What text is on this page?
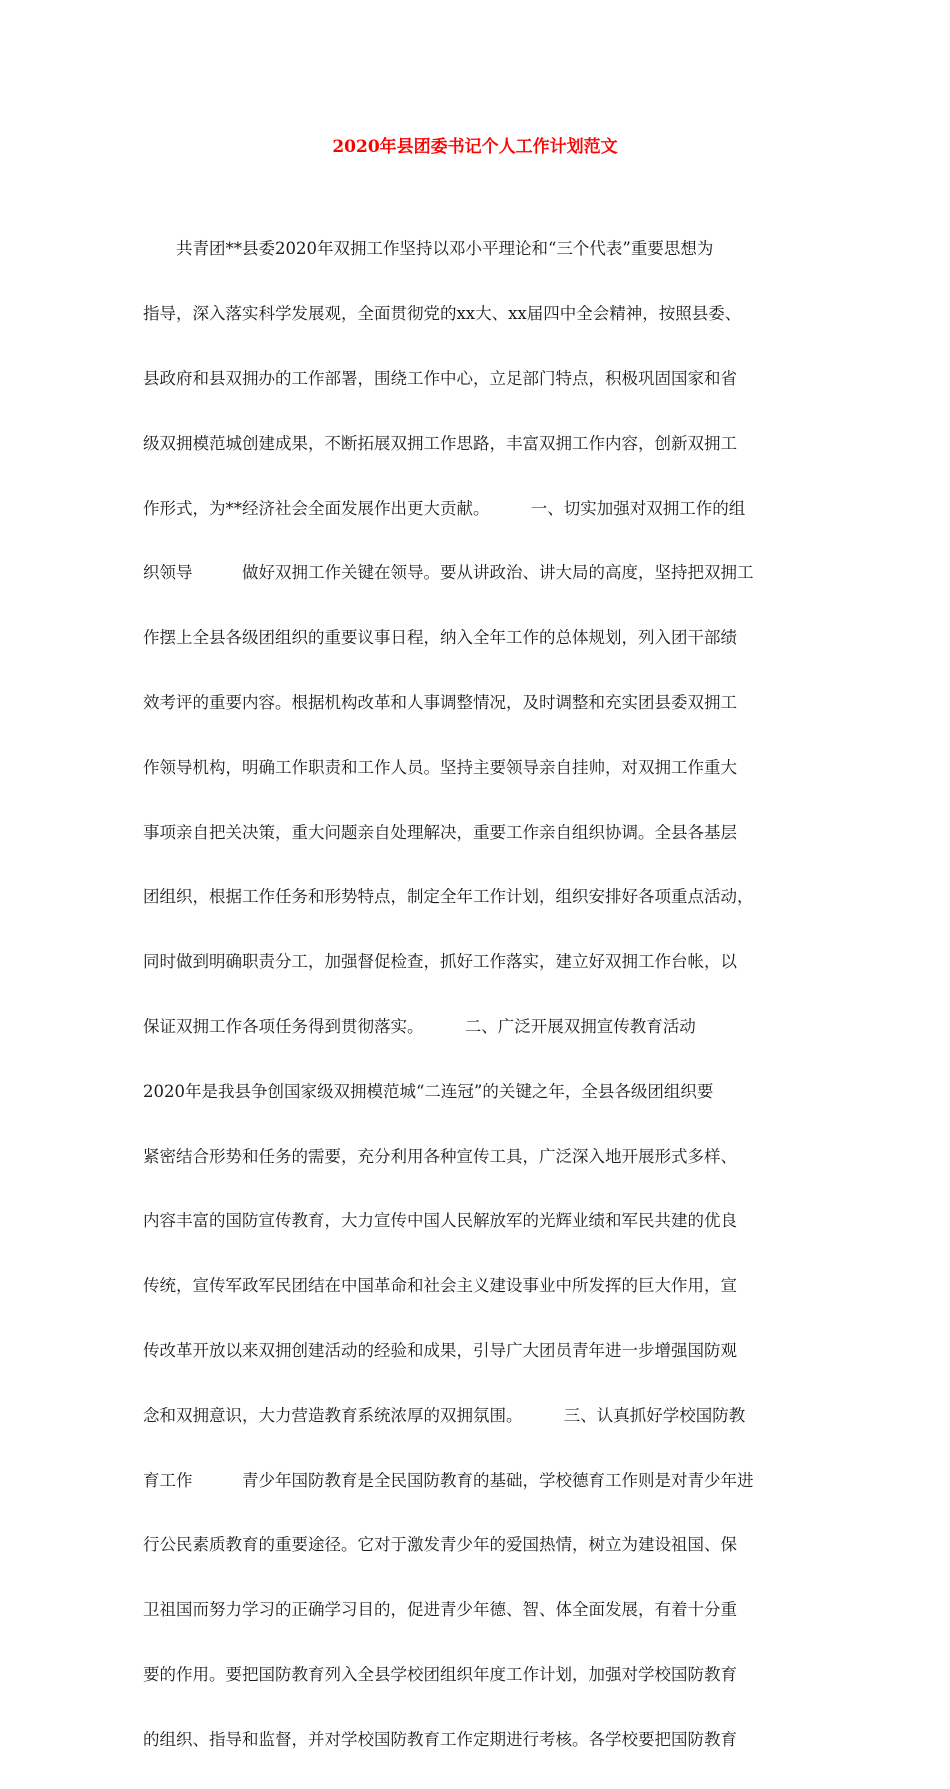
2020年县团委书记个人工作计划范文

　　共青团**县委2020年双拥工作坚持以邓小平理论和“三个代表”重要思想为

指导，深入落实科学发展观，全面贯彻党的xx大、xx届四中全会精神，按照县委、

县政府和县双拥办的工作部署，围绕工作中心，立足部门特点，积极巩固国家和省

级双拥模范城创建成果，不断拓展双拥工作思路，丰富双拥工作内容，创新双拥工

作形式，为**经济社会全面发展作出更大贡献。　　　一、切实加强对双拥工作的组

织领导　　　做好双拥工作关键在领导。要从讲政治、讲大局的高度，坚持把双拥工

作摆上全县各级团组织的重要议事日程，纳入全年工作的总体规划，列入团干部绩

效考评的重要内容。根据机构改革和人事调整情况，及时调整和充实团县委双拥工

作领导机构，明确工作职责和工作人员。坚持主要领导亲自挂帅，对双拥工作重大

事项亲自把关决策，重大问题亲自处理解决，重要工作亲自组织协调。全县各基层

团组织，根据工作任务和形势特点，制定全年工作计划，组织安排好各项重点活动，

同时做到明确职责分工，加强督促检查，抓好工作落实，建立好双拥工作台帐，以

保证双拥工作各项任务得到贯彻落实。　　　二、广泛开展双拥宣传教育活动　　　

2020年是我县争创国家级双拥模范城“二连冠”的关键之年，全县各级团组织要

紧密结合形势和任务的需要，充分利用各种宣传工具，广泛深入地开展形式多样、

内容丰富的国防宣传教育，大力宣传中国人民解放军的光辉业绩和军民共建的优良

传统，宣传军政军民团结在中国革命和社会主义建设事业中所发挥的巨大作用，宣

传改革开放以来双拥创建活动的经验和成果，引导广大团员青年进一步增强国防观

念和双拥意识，大力营造教育系统浓厚的双拥氛围。　　　三、认真抓好学校国防教

育工作　　　青少年国防教育是全民国防教育的基础，学校德育工作则是对青少年进

行公民素质教育的重要途径。它对于激发青少年的爱国热情，树立为建设祖国、保

卫祖国而努力学习的正确学习目的，促进青少年德、智、体全面发展，有着十分重

要的作用。要把国防教育列入全县学校团组织年度工作计划，加强对学校国防教育

的组织、指导和监督，并对学校国防教育工作定期进行考核。各学校要把国防教育
